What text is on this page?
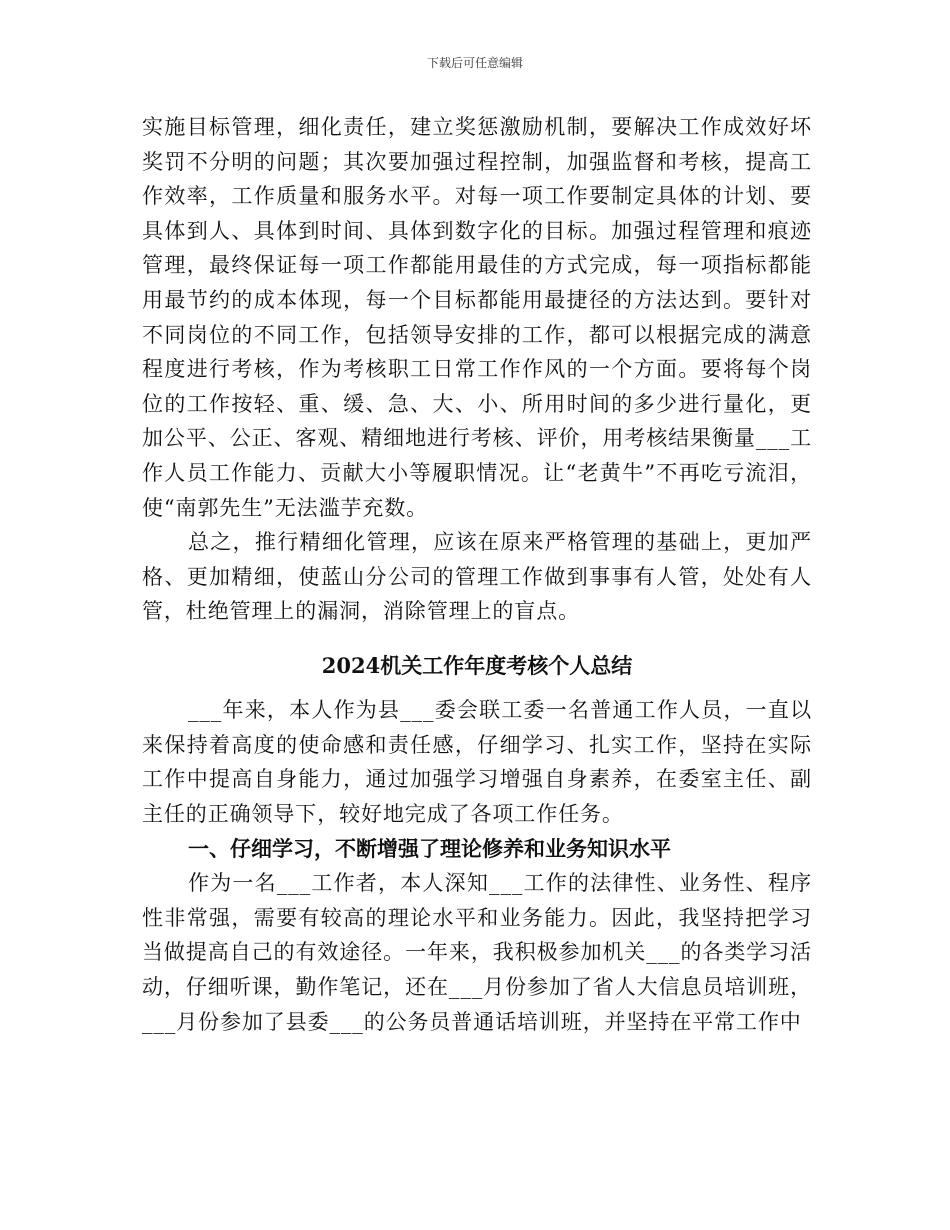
下载后可任意编辑

实施目标管理，细化责任，建立奖惩激励机制，要解决工作成效好坏奖罚不分明的问题；其次要加强过程控制，加强监督和考核，提高工作效率，工作质量和服务水平。对每一项工作要制定具体的计划、要具体到人、具体到时间、具体到数字化的目标。加强过程管理和痕迹管理，最终保证每一项工作都能用最佳的方式完成，每一项指标都能用最节约的成本体现，每一个目标都能用最捷径的方法达到。要针对不同岗位的不同工作，包括领导安排的工作，都可以根据完成的满意程度进行考核，作为考核职工日常工作作风的一个方面。要将每个岗位的工作按轻、重、缓、急、大、小、所用时间的多少进行量化，更加公平、公正、客观、精细地进行考核、评价，用考核结果衡量___工作人员工作能力、贡献大小等履职情况。让“老黄牛”不再吃亏流泪，使“南郭先生”无法滥芋充数。

总之，推行精细化管理，应该在原来严格管理的基础上，更加严格、更加精细，使蓝山分公司的管理工作做到事事有人管，处处有人管，杜绝管理上的漏洞，消除管理上的盲点。

2024机关工作年度考核个人总结

___年来，本人作为县___委会联工委一名普通工作人员，一直以来保持着高度的使命感和责任感，仔细学习、扎实工作，坚持在实际工作中提高自身能力，通过加强学习增强自身素养，在委室主任、副主任的正确领导下，较好地完成了各项工作任务。

一、仔细学习，不断增强了理论修养和业务知识水平

作为一名___工作者，本人深知___工作的法律性、业务性、程序性非常强，需要有较高的理论水平和业务能力。因此，我坚持把学习当做提高自己的有效途径。一年来，我积极参加机关___的各类学习活动，仔细听课，勤作笔记，还在___月份参加了省人大信息员培训班，___月份参加了县委___的公务员普通话培训班，并坚持在平常工作中
